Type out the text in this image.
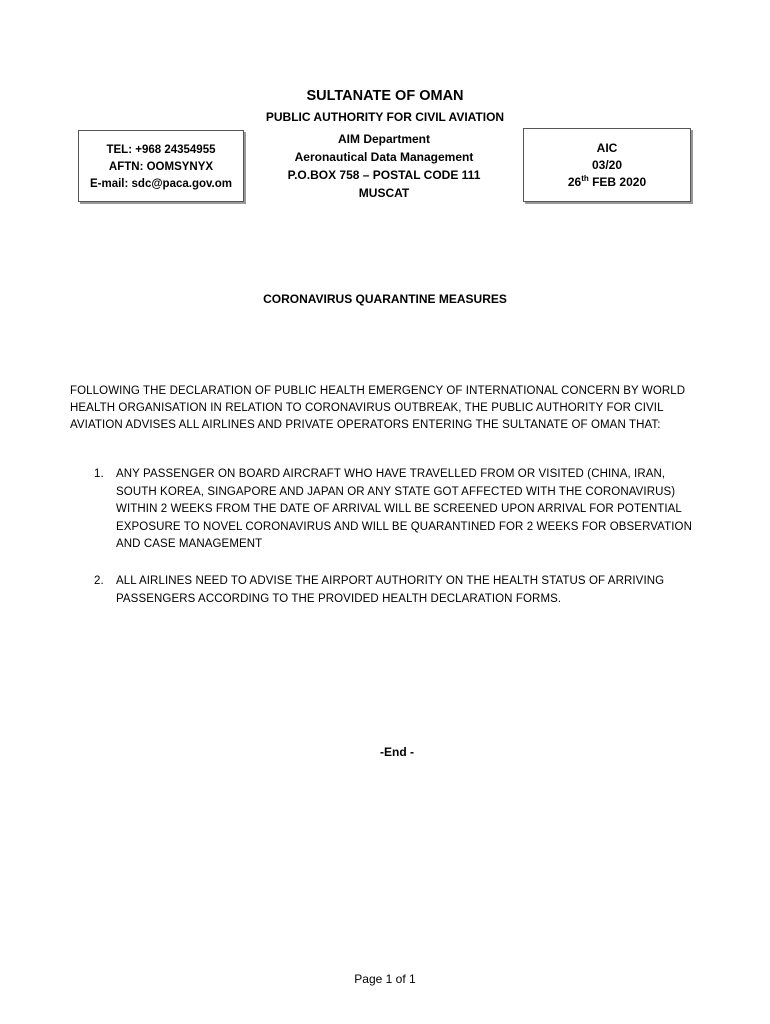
SULTANATE OF OMAN
PUBLIC AUTHORITY FOR CIVIL AVIATION
TEL: +968 24354955
AFTN: OOMSYNYX
E-mail: sdc@paca.gov.om
AIM Department
Aeronautical Data Management
P.O.BOX 758 – POSTAL CODE 111
MUSCAT
AIC
03/20
26th FEB 2020
CORONAVIRUS QUARANTINE MEASURES
FOLLOWING THE DECLARATION OF PUBLIC HEALTH EMERGENCY OF INTERNATIONAL CONCERN BY WORLD HEALTH ORGANISATION IN RELATION TO CORONAVIRUS OUTBREAK, THE PUBLIC AUTHORITY FOR CIVIL AVIATION ADVISES ALL AIRLINES AND PRIVATE OPERATORS ENTERING THE SULTANATE OF OMAN THAT:
1. ANY PASSENGER ON BOARD AIRCRAFT WHO HAVE TRAVELLED FROM OR VISITED (CHINA, IRAN, SOUTH KOREA, SINGAPORE AND JAPAN OR ANY STATE GOT AFFECTED WITH THE CORONAVIRUS) WITHIN 2 WEEKS FROM THE DATE OF ARRIVAL WILL BE SCREENED UPON ARRIVAL FOR POTENTIAL EXPOSURE TO NOVEL CORONAVIRUS AND WILL BE QUARANTINED FOR 2 WEEKS FOR OBSERVATION AND CASE MANAGEMENT
2. ALL AIRLINES NEED TO ADVISE THE AIRPORT AUTHORITY ON THE HEALTH STATUS OF ARRIVING PASSENGERS ACCORDING TO THE PROVIDED HEALTH DECLARATION FORMS.
-End -
Page 1 of 1
